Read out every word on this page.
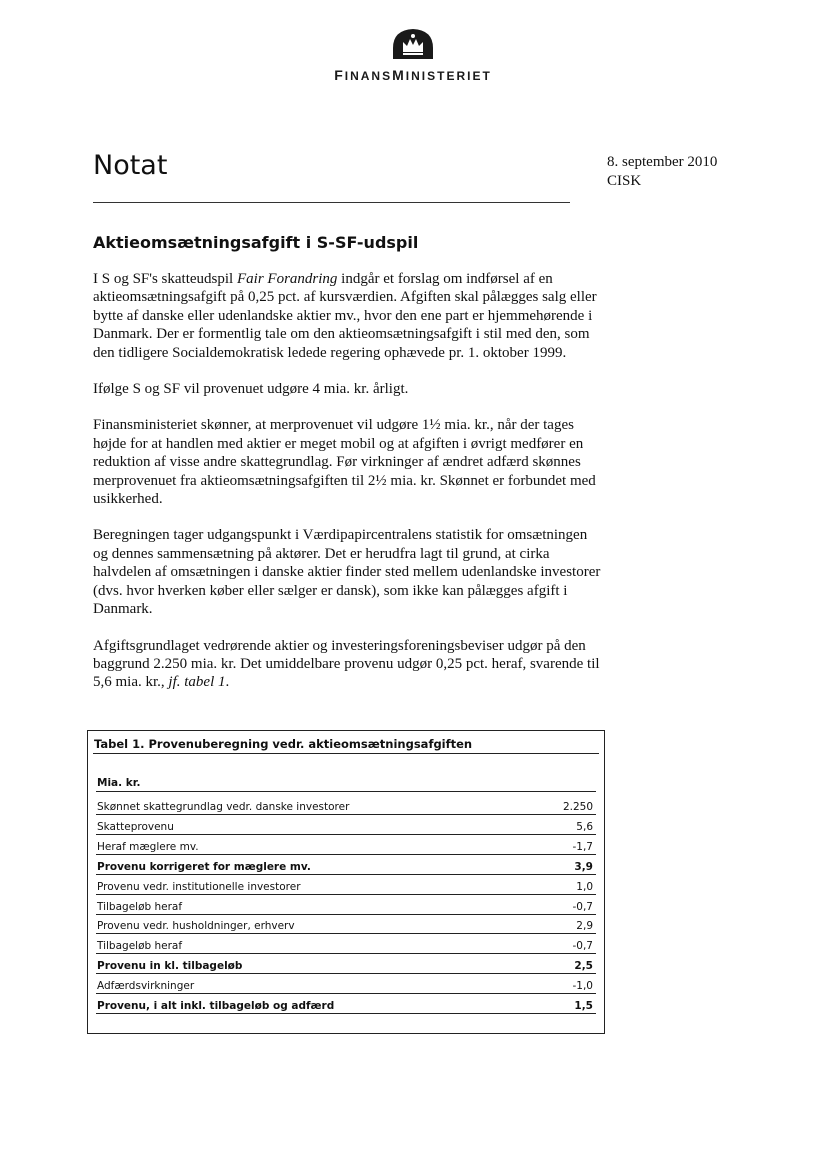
FINANSMINISTERIET
Notat	8. september 2010
CISK
Aktieomsætningsafgift i S-SF-udspil

I S og SF's skatteudspil Fair Forandring indgår et forslag om indførsel af en aktieomsætningsafgift på 0,25 pct. af kursværdien. Afgiften skal pålægges salg eller bytte af danske eller udenlandske aktier mv., hvor den ene part er hjemmehørende i Danmark. Der er formentlig tale om den aktieomsætningsafgift i stil med den, som den tidligere Socialdemokratisk ledede regering ophævede pr. 1. oktober 1999.

Ifølge S og SF vil provenuet udgøre 4 mia. kr. årligt.

Finansministeriet skønner, at merprovenuet vil udgøre 1½ mia. kr., når der tages højde for at handlen med aktier er meget mobil og at afgiften i øvrigt medfører en reduktion af visse andre skattegrundlag. Før virkninger af ændret adfærd skønnes merprovenuet fra aktieomsætningsafgiften til 2½ mia. kr. Skønnet er forbundet med usikkerhed.

Beregningen tager udgangspunkt i Værdipapircentralens statistik for omsætningen og dennes sammensætning på aktører. Det er herudfra lagt til grund, at cirka halvdelen af omsætningen i danske aktier finder sted mellem udenlandske investorer (dvs. hvor hverken køber eller sælger er dansk), som ikke kan pålægges afgift i Danmark.

Afgiftsgrundlaget vedrørende aktier og investeringsforeningsbeviser udgør på den baggrund 2.250 mia. kr. Det umiddelbare provenu udgør 0,25 pct. heraf, svarende til 5,6 mia. kr., jf. tabel 1.

Tabel 1. Provenuberegning vedr. aktieomsætningsafgiften
Mia. kr.
Skønnet skattegrundlag vedr. danske investorer	2.250
Skatteprovenu	5,6
Heraf mæglere mv.	-1,7
Provenu korrigeret for mæglere mv.	3,9
Provenu vedr. institutionelle investorer	1,0
Tilbageløb heraf	-0,7
Provenu vedr. husholdninger, erhverv	2,9
Tilbageløb heraf	-0,7
Provenu in kl. tilbageløb	2,5
Adfærdsvirkninger	-1,0
Provenu, i alt inkl. tilbageløb og adfærd	1,5
